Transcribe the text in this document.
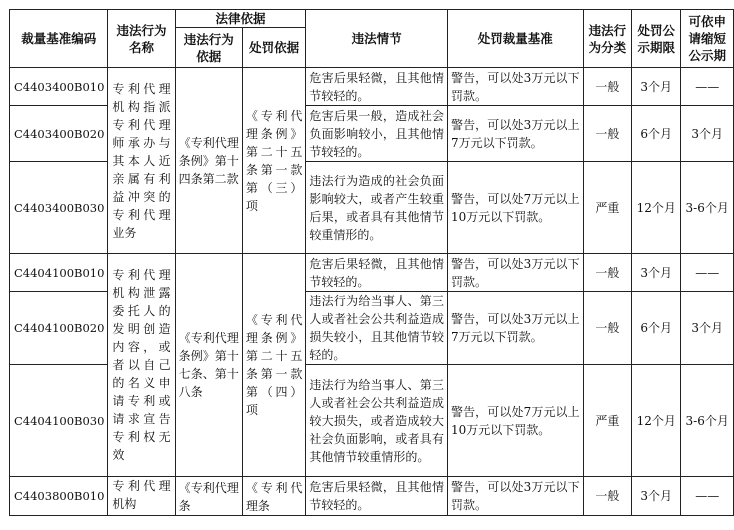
裁量基准编码	违法行为名称	法律依据		违法情节	处罚裁量基准	违法行为分类	处罚公示期限	可依申请缩短公示期
		违法行为依据	处罚依据					
C4403400B010	专利代理机构指派专利代理师承办与其本人近亲属有利益冲突的专利代理业务	《专利代理条例》第十四条第二款	《专利代理条例》第二十五条第一款第（三）项	危害后果轻微，且其他情节较轻的。	警告，可以处3万元以下罚款。	一般	3个月	——
C4403400B020				危害后果一般，造成社会负面影响较小，且其他情节较轻的。	警告，可以处3万元以上7万元以下罚款。	一般	6个月	3个月
C4403400B030				违法行为造成的社会负面影响较大，或者产生较重后果，或者具有其他情节较重情形的。	警告，可以处7万元以上10万元以下罚款。	严重	12个月	3-6个月
C4404100B010	专利代理机构泄露委托人的发明创造内容，或者以自己的名义申请专利或请求宣告专利权无效	《专利代理条例》第十七条、第十八条	《专利代理条例》第二十五条第一款第（四）项	危害后果轻微，且其他情节较轻的。	警告，可以处3万元以下罚款。	一般	3个月	——
C4404100B020				违法行为给当事人、第三人或者社会公共利益造成损失较小，且其他情节较轻的。	警告，可以处3万元以上7万元以下罚款。	一般	6个月	3个月
C4404100B030				违法行为给当事人、第三人或者社会公共利益造成较大损失，或者造成较大社会负面影响，或者具有其他情节较重情形的。	警告，可以处7万元以上10万元以下罚款。	严重	12个月	3-6个月
C4403800B010	专利代理机构	《专利代理条	《专利代理条	危害后果轻微，且其他情节较轻的。	警告，可以处3万元以下罚款。	一般	3个月	——
